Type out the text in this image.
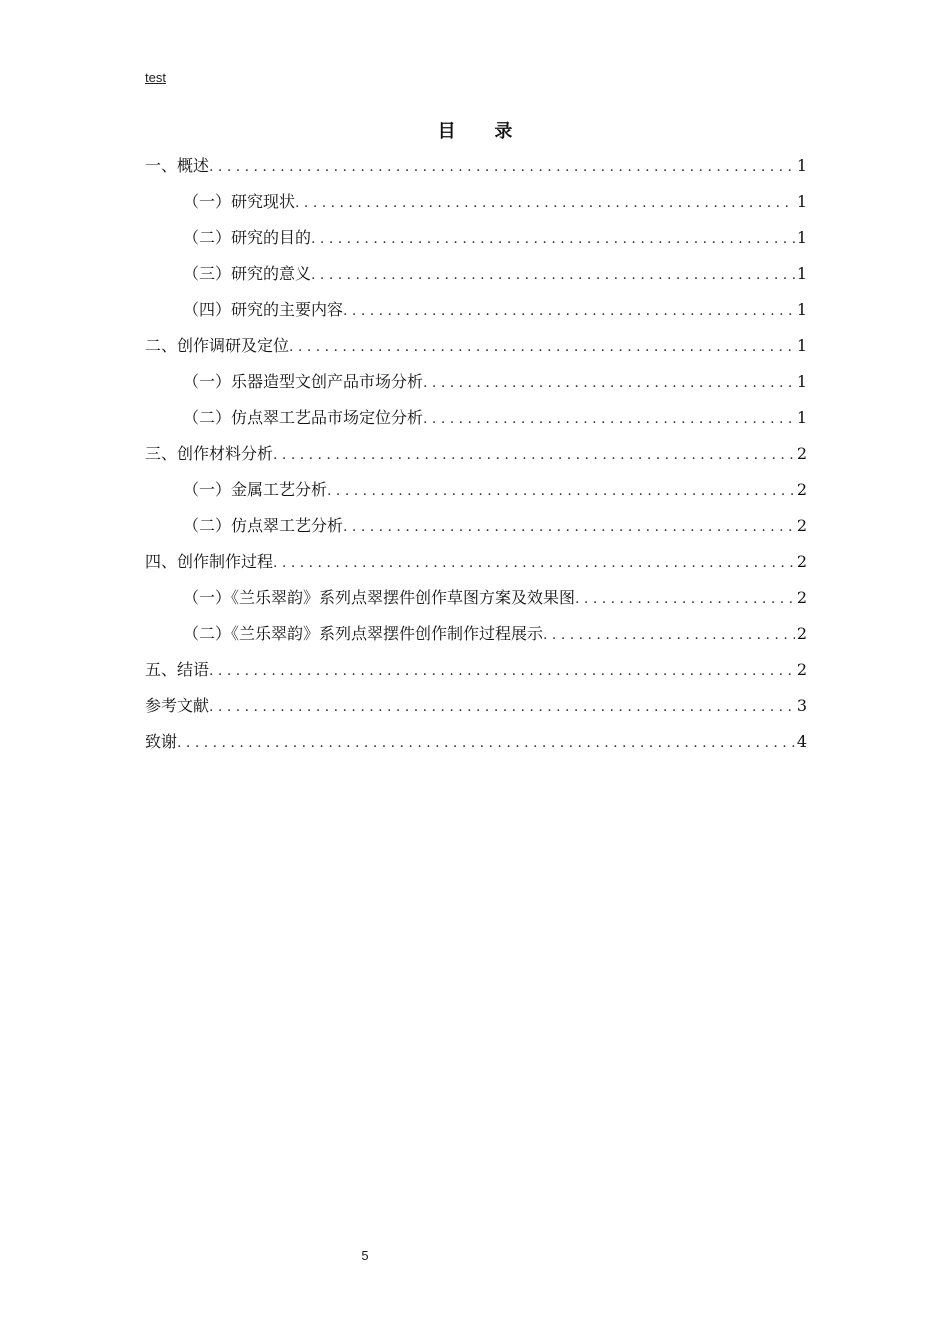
test
目 录
一、概述 . . .	1
（一）研究现状 . . .	1
（二）研究的目的 . . .	1
（三）研究的意义 . . .	1
（四）研究的主要内容 . . .	1
二、创作调研及定位 . . .	1
（一）乐器造型文创产品市场分析 . . .	1
（二）仿点翠工艺品市场定位分析 . . .	1
三、创作材料分析 . . .	2
（一）金属工艺分析 . . .	2
（二）仿点翠工艺分析 . . .	2
四、创作制作过程 . . .	2
（一）《兰乐翠韵》系列点翠摆件创作草图方案及效果图 . . .	2
（二）《兰乐翠韵》系列点翠摆件创作制作过程展示 . . .	2
五、结语 . . .	2
参考文献 . . .	3
致谢 . . .	4
5
